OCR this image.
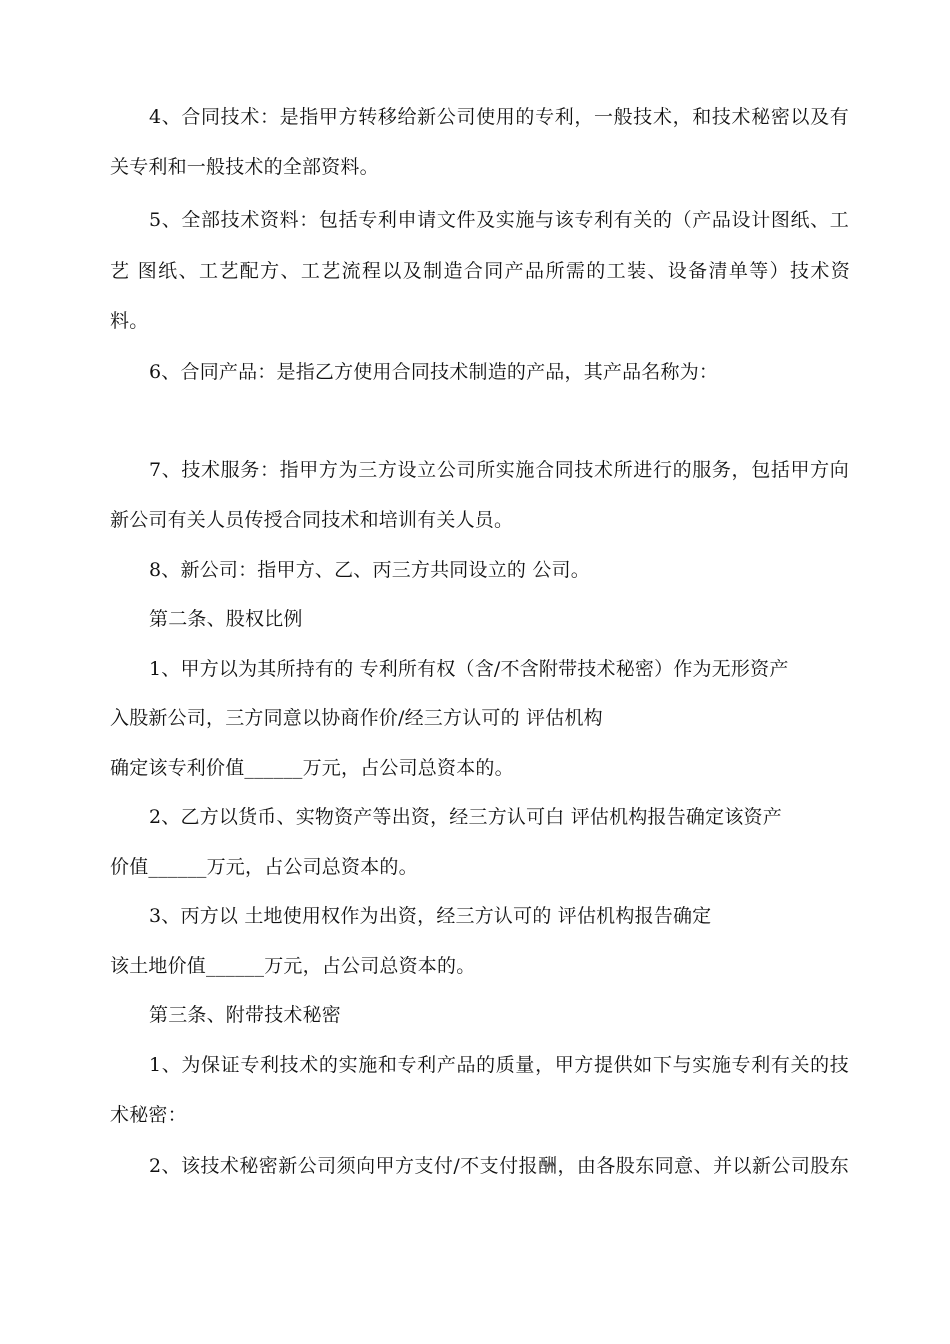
4、合同技术：是指甲方转移给新公司使用的专利，一般技术，和技术秘密以及有
关专利和一般技术的全部资料。
5、全部技术资料：包括专利申请文件及实施与该专利有关的（产品设计图纸、工
艺 图纸、工艺配方、工艺流程以及制造合同产品所需的工装、设备清单等）技术资
料。
6、合同产品：是指乙方使用合同技术制造的产品，其产品名称为：
7、技术服务：指甲方为三方设立公司所实施合同技术所进行的服务，包括甲方向
新公司有关人员传授合同技术和培训有关人员。
8、新公司：指甲方、乙、丙三方共同设立的 公司。
第二条、股权比例
1、甲方以为其所持有的 专利所有权（含/不含附带技术秘密）作为无形资产
入股新公司，三方同意以协商作价/经三方认可的 评估机构
确定该专利价值______万元，占公司总资本的。
2、乙方以货币、实物资产等出资，经三方认可白 评估机构报告确定该资产
价值______万元，占公司总资本的。
3、丙方以 土地使用权作为出资，经三方认可的 评估机构报告确定
该土地价值______万元，占公司总资本的。
第三条、附带技术秘密
1、为保证专利技术的实施和专利产品的质量，甲方提供如下与实施专利有关的技
术秘密：
2、该技术秘密新公司须向甲方支付/不支付报酬，由各股东同意、并以新公司股东
